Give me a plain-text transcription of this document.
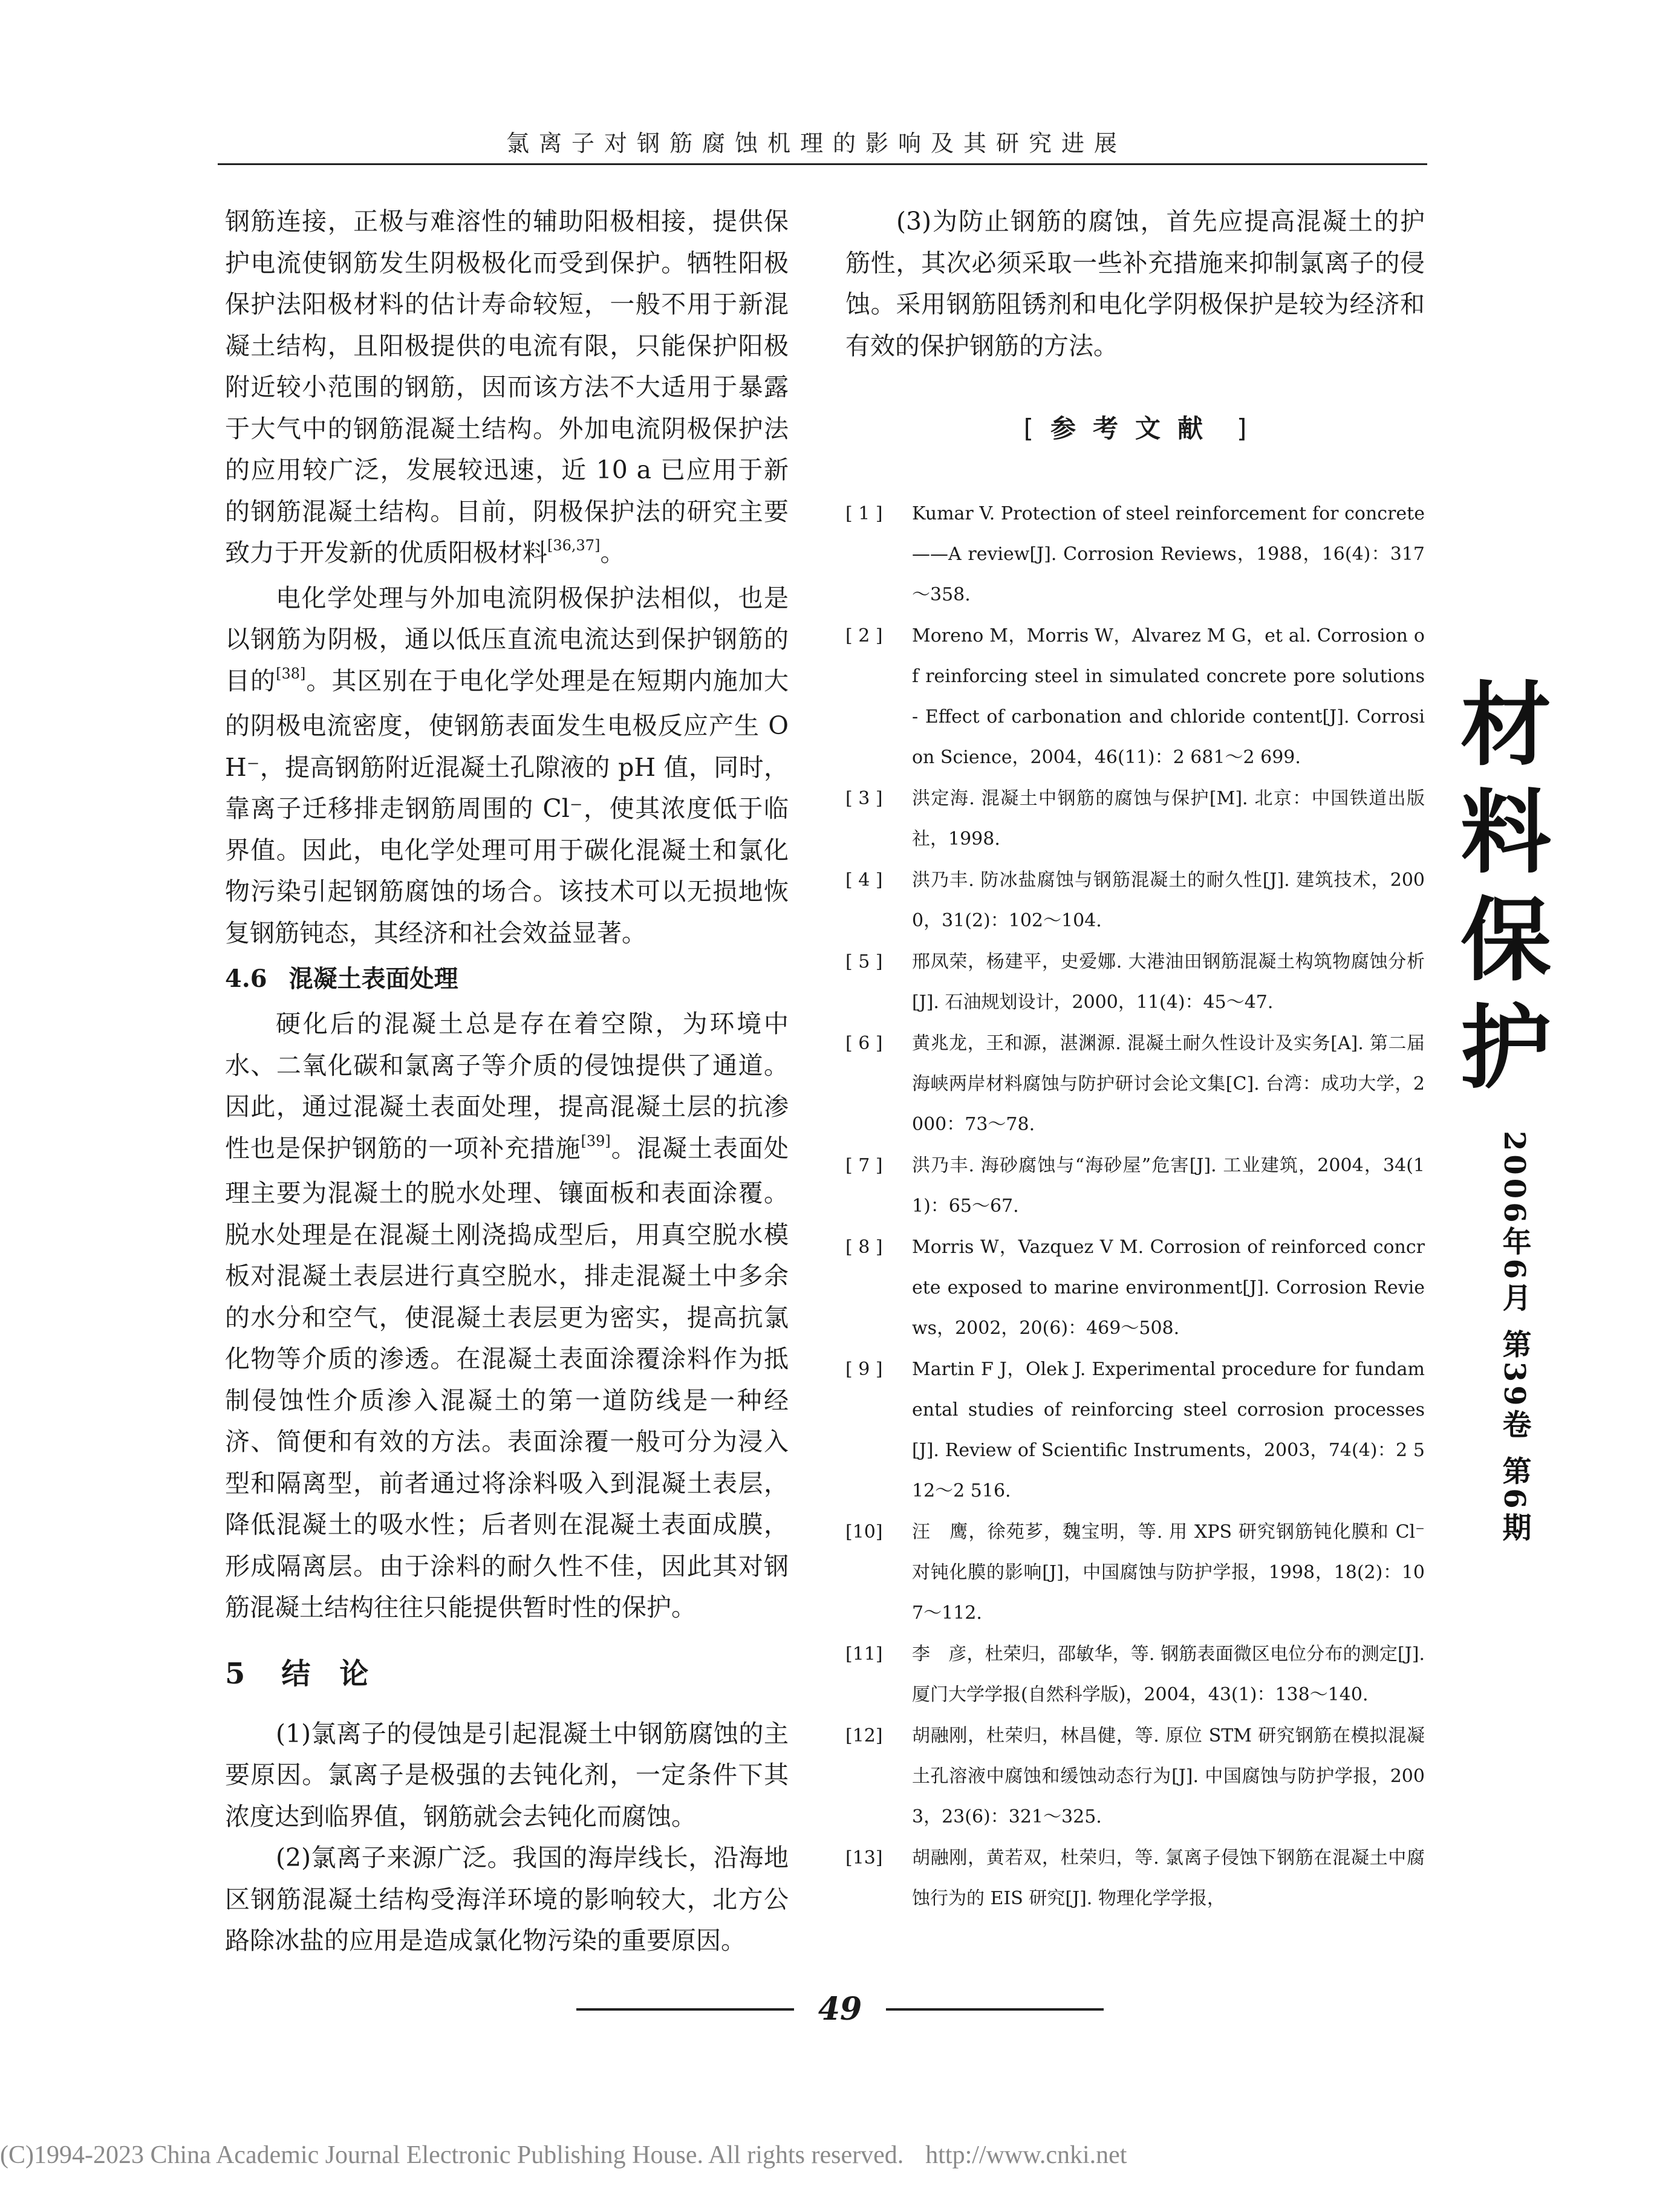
氯离子对钢筋腐蚀机理的影响及其研究进展

钢筋连接，正极与难溶性的辅助阳极相接，提供保护电流使钢筋发生阴极极化而受到保护。牺牲阳极保护法阳极材料的估计寿命较短，一般不用于新混凝土结构，且阳极提供的电流有限，只能保护阳极附近较小范围的钢筋，因而该方法不大适用于暴露于大气中的钢筋混凝土结构。外加电流阴极保护法的应用较广泛，发展较迅速，近 10 a 已应用于新的钢筋混凝土结构。目前，阴极保护法的研究主要致力于开发新的优质阳极材料[36,37]。

电化学处理与外加电流阴极保护法相似，也是以钢筋为阴极，通以低压直流电流达到保护钢筋的目的[38]。其区别在于电化学处理是在短期内施加大的阴极电流密度，使钢筋表面发生电极反应产生 OH⁻，提高钢筋附近混凝土孔隙液的 pH 值，同时，靠离子迁移排走钢筋周围的 Cl⁻，使其浓度低于临界值。因此，电化学处理可用于碳化混凝土和氯化物污染引起钢筋腐蚀的场合。该技术可以无损地恢复钢筋钝态，其经济和社会效益显著。

4.6 混凝土表面处理

硬化后的混凝土总是存在着空隙，为环境中水、二氧化碳和氯离子等介质的侵蚀提供了通道。因此，通过混凝土表面处理，提高混凝土层的抗渗性也是保护钢筋的一项补充措施[39]。混凝土表面处理主要为混凝土的脱水处理、镶面板和表面涂覆。脱水处理是在混凝土刚浇捣成型后，用真空脱水模板对混凝土表层进行真空脱水，排走混凝土中多余的水分和空气，使混凝土表层更为密实，提高抗氯化物等介质的渗透。在混凝土表面涂覆涂料作为抵制侵蚀性介质渗入混凝土的第一道防线是一种经济、简便和有效的方法。表面涂覆一般可分为浸入型和隔离型，前者通过将涂料吸入到混凝土表层，降低混凝土的吸水性；后者则在混凝土表面成膜，形成隔离层。由于涂料的耐久性不佳，因此其对钢筋混凝土结构往往只能提供暂时性的保护。

5 结　论

(1)氯离子的侵蚀是引起混凝土中钢筋腐蚀的主要原因。氯离子是极强的去钝化剂，一定条件下其浓度达到临界值，钢筋就会去钝化而腐蚀。

(2)氯离子来源广泛。我国的海岸线长，沿海地区钢筋混凝土结构受海洋环境的影响较大，北方公路除冰盐的应用是造成氯化物污染的重要原因。

(3)为防止钢筋的腐蚀，首先应提高混凝土的护筋性，其次必须采取一些补充措施来抑制氯离子的侵蚀。采用钢筋阻锈剂和电化学阴极保护是较为经济和有效的保护钢筋的方法。

[ 参考文献 ]
[ 1 ]	Kumar V. Protection of steel reinforcement for concrete——A review[J]. Corrosion Reviews，1988，16(4)：317～358.
[ 2 ]	Moreno M，Morris W，Alvarez M G，et al. Corrosion of reinforcing steel in simulated concrete pore solutions - Effect of carbonation and chloride content[J]. Corrosion Science，2004，46(11)：2 681～2 699.
[ 3 ]	洪定海. 混凝土中钢筋的腐蚀与保护[M]. 北京：中国铁道出版社，1998.
[ 4 ]	洪乃丰. 防冰盐腐蚀与钢筋混凝土的耐久性[J]. 建筑技术，2000，31(2)：102～104.
[ 5 ]	邢凤荣，杨建平，史爱娜. 大港油田钢筋混凝土构筑物腐蚀分析[J]. 石油规划设计，2000，11(4)：45～47.
[ 6 ]	黄兆龙，王和源，湛渊源. 混凝土耐久性设计及实务[A]. 第二届海峡两岸材料腐蚀与防护研讨会论文集[C]. 台湾：成功大学，2000：73～78.
[ 7 ]	洪乃丰. 海砂腐蚀与“海砂屋”危害[J]. 工业建筑，2004，34(11)：65～67.
[ 8 ]	Morris W，Vazquez V M. Corrosion of reinforced concrete exposed to marine environment[J]. Corrosion Reviews，2002，20(6)：469～508.
[ 9 ]	Martin F J，Olek J. Experimental procedure for fundamental studies of reinforcing steel corrosion processes[J]. Review of Scientific Instruments，2003，74(4)：2 512～2 516.
[10]	汪　鹰，徐苑芗，魏宝明，等. 用 XPS 研究钢筋钝化膜和 Cl⁻对钝化膜的影响[J]，中国腐蚀与防护学报，1998，18(2)：107～112.
[11]	李　彦，杜荣归，邵敏华，等. 钢筋表面微区电位分布的测定[J]. 厦门大学学报(自然科学版)，2004，43(1)：138～140.
[12]	胡融刚，杜荣归，林昌健，等. 原位 STM 研究钢筋在模拟混凝土孔溶液中腐蚀和缓蚀动态行为[J]. 中国腐蚀与防护学报，2003，23(6)：321～325.
[13]	胡融刚，黄若双，杜荣归，等. 氯离子侵蚀下钢筋在混凝土中腐蚀行为的 EIS 研究[J]. 物理化学学报，
材
料
保
护
2006年6月 第39卷 第6期
49
(C)1994-2023 China Academic Journal Electronic Publishing House. All rights reserved. http://www.cnki.net
